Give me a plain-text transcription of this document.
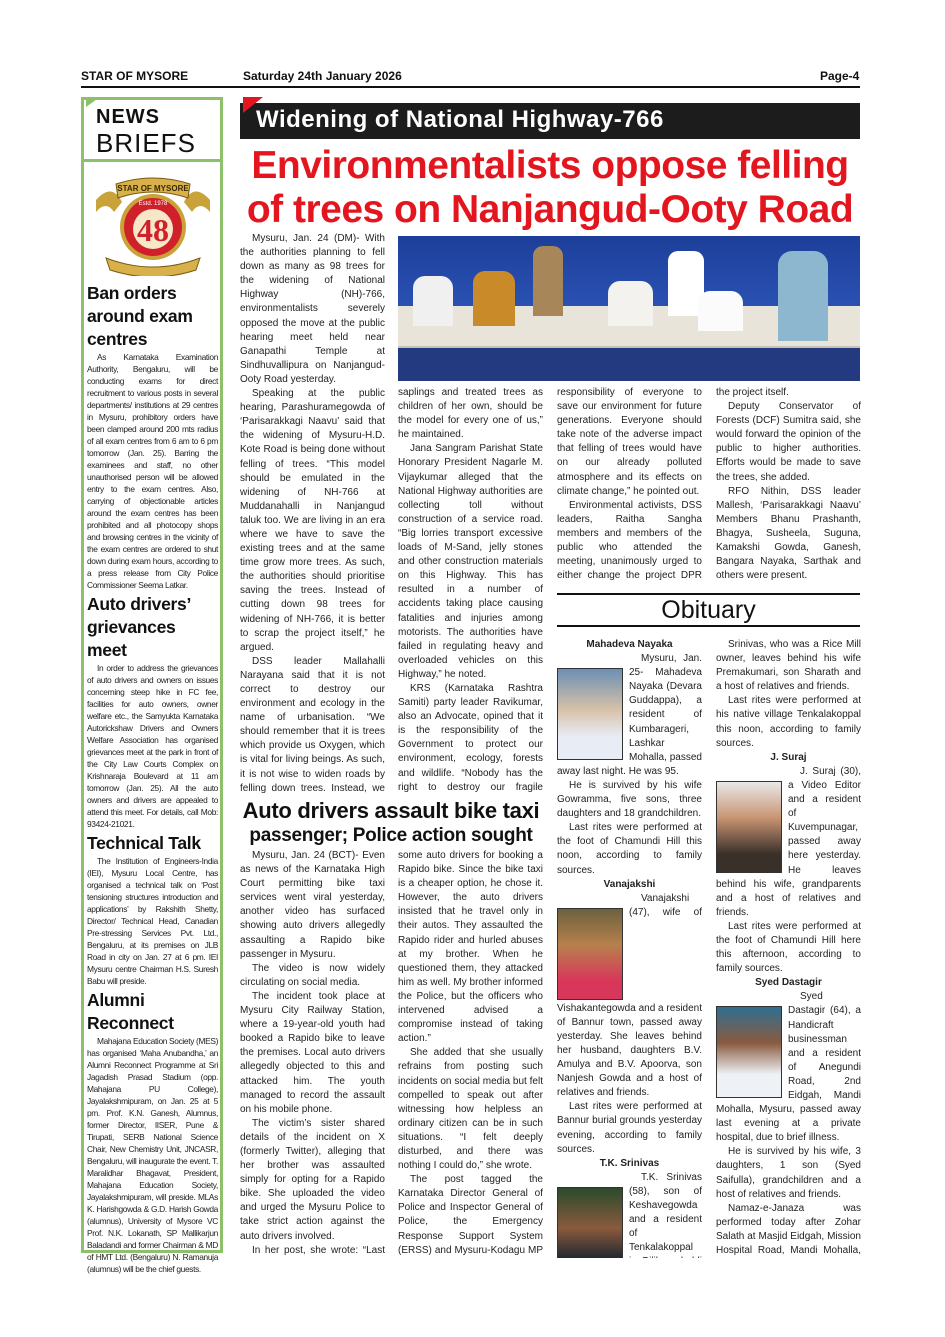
STAR OF MYSORE	Saturday 24th January 2026	Page-4
NEWS
BRIEFS
48
Estd. 1978
STAR OF MYSORE
Ban orders around exam centres

As Karnataka Examination Authority, Bengaluru, will be conducting exams for direct recruitment to various posts in several departments/ institutions at 29 centres in Mysuru, prohibitory orders have been clamped around 200 mts radius of all exam centres from 6 am to 6 pm tomorrow (Jan. 25). Barring the examinees and staff, no other unauthorised person will be allowed entry to the exam centres. Also, carrying of objectionable articles around the exam centres has been prohibited and all photocopy shops and browsing centres in the vicinity of the exam centres are ordered to shut down during exam hours, according to a press release from City Police Commissioner Seema Latkar.

Auto drivers’ grievances meet

In order to address the grievances of auto drivers and owners on issues concerning steep hike in FC fee, facilities for auto owners, owner welfare etc., the Samyukta Karnataka Autorickshaw Drivers and Owners Welfare Association has organised grievances meet at the park in front of the City Law Courts Complex on Krishnaraja Boulevard at 11 am tomorrow (Jan. 25). All the auto owners and drivers are appealed to attend this meet. For details, call Mob: 93424-21021.

Technical Talk

The Institution of Engineers-India (IEI), Mysuru Local Centre, has organised a technical talk on ‘Post tensioning structures introduction and applications’ by Rakshith Shetty, Director/ Technical Head, Canadian Pre-stressing Services Pvt. Ltd., Bengaluru, at its premises on JLB Road in city on Jan. 27 at 6 pm. IEI Mysuru centre Chairman H.S. Suresh Babu will preside.

Alumni Reconnect

Mahajana Education Society (MES) has organised ‘Maha Anubandha,’ an Alumni Reconnect Programme at Sri Jagadish Prasad Stadium (opp. Mahajana PU College), Jayalakshmipuram, on Jan. 25 at 5 pm. Prof. K.N. Ganesh, Alumnus, former Director, IISER, Pune & Tirupati, SERB National Science Chair, New Chemistry Unit, JNCASR, Bengaluru, will inaugurate the event. T. Maralidhar Bhagavat, President, Mahajana Education Society, Jayalakshmipuram, will preside. MLAs K. Harishgowda & G.D. Harish Gowda (alumnus), University of Mysore VC Prof. N.K. Lokanath, SP Mallikarjun Baladandi and former Chairman & MD of HMT Ltd. (Bengaluru) N. Ramanuja (alumnus) will be the chief guests.

Widening of National Highway-766
Environmentalists oppose felling
of trees on Nanjangud-Ooty Road

Mysuru, Jan. 24 (DM)- With the authorities planning to fell down as many as 98 trees for the widening of National Highway (NH)-766, environmentalists severely opposed the move at the public hearing meet held near Ganapathi Temple at Sindhuvallipura on Nanjangud-Ooty Road yesterday.

Speaking at the public hearing, Parashuramegowda of ‘Parisarakkagi Naavu’ said that the widening of Mysuru-H.D. Kote Road is being done without felling of trees. “This model should be emulated in the widening of NH-766 at Muddanahalli in Nanjangud taluk too. We are living in an era where we have to save the existing trees and at the same time grow more trees. As such, the authorities should prioritise saving the trees. Instead of cutting down 98 trees for widening of NH-766, it is better to scrap the project itself,” he argued.

DSS leader Mallahalli Narayana said that it is not correct to destroy our environment and ecology in the name of urbanisation. “We should remember that it is trees which provide us Oxygen, which is vital for living beings. As such, it is not wise to widen roads by felling down trees. Instead, we

saplings and treated trees as children of her own, should be the model for every one of us,” he maintained.

Jana Sangram Parishat State Honorary President Nagarle M. Vijaykumar alleged that the National Highway authorities are collecting toll without construction of a service road. “Big lorries transport excessive loads of M-Sand, jelly stones and other construction materials on this Highway. This has resulted in a number of accidents taking place causing fatalities and injuries among motorists. The authorities have failed in regulating heavy and overloaded vehicles on this Highway,” he noted.

KRS (Karnataka Rashtra Samiti) party leader Ravikumar, also an Advocate, opined that it is the responsibility of the Government to protect our environment, ecology, forests and wildlife. “Nobody has the right to destroy our fragile

responsibility of everyone to save our environment for future generations. Everyone should take note of the adverse impact that felling of trees would have on our already polluted atmosphere and its effects on climate change,” he pointed out.

Environmental activists, DSS leaders, Raitha Sangha members and members of the public who attended the meeting, unanimously urged to either change the project DPR

the project itself.

Deputy Conservator of Forests (DCF) Sumitra said, she would forward the opinion of the public to higher authorities. Efforts would be made to save the trees, she added.

RFO Nithin, DSS leader Mallesh, ‘Parisarakkagi Naavu’ Members Bhanu Prashanth, Bhagya, Susheela, Suguna, Kamakshi Gowda, Ganesh, Bangara Nayaka, Sarthak and others were present.

Auto drivers assault bike taxi
passenger; Police action sought

Mysuru, Jan. 24 (BCT)- Even as news of the Karnataka High Court permitting bike taxi services went viral yesterday, another video has surfaced showing auto drivers allegedly assaulting a Rapido bike passenger in Mysuru.

The video is now widely circulating on social media.

The incident took place at Mysuru City Railway Station, where a 19-year-old youth had booked a Rapido bike to leave the premises. Local auto drivers allegedly objected to this and attacked him. The youth managed to record the assault on his mobile phone.

The victim’s sister shared details of the incident on X (formerly Twitter), alleging that her brother was assaulted simply for opting for a Rapido bike. She uploaded the video and urged the Mysuru Police to take strict action against the auto drivers involved.

In her post, she wrote: “Last

some auto drivers for booking a Rapido bike. Since the bike taxi is a cheaper option, he chose it. However, the auto drivers insisted that he travel only in their autos. They assaulted the Rapido rider and hurled abuses at my brother. When he questioned them, they attacked him as well. My brother informed the Police, but the officers who intervened advised a compromise instead of taking action.”

She added that she usually refrains from posting such incidents on social media but felt compelled to speak out after witnessing how helpless an ordinary citizen can be in such situations. “I felt deeply disturbed, and there was nothing I could do,” she wrote.

The post tagged the Karnataka Director General of Police and Inspector General of Police, the Emergency Response Support System (ERSS) and Mysuru-Kodagu MP

Obituary

Mahadeva Nayaka

Mysuru, Jan. 25- Mahadeva Nayaka (Devara Guddappa), a resident of Kumbarageri, Lashkar Mohalla, passed away last night. He was 95.

He is survived by his wife Gowramma, five sons, three daughters and 18 grandchildren.

Last rites were performed at the foot of Chamundi Hill this noon, according to family sources.

Vanajakshi

Vanajakshi (47), wife of Vishakantegowda and a resident of Bannur town, passed away yesterday. She leaves behind her husband, daughters B.V. Amulya and B.V. Apoorva, son Nanjesh Gowda and a host of relatives and friends.

Last rites were performed at Bannur burial grounds yesterday evening, according to family sources.

T.K. Srinivas

T.K. Srinivas (58), son of Keshavegowda and a resident of Tenkalakoppal

Srinivas, who was a Rice Mill owner, leaves behind his wife Premakumari, son Sharath and a host of relatives and friends.

Last rites were performed at his native village Tenkalakoppal this noon, according to family sources.

J. Suraj

J. Suraj (30), a Video Editor and a resident of Kuvempunagar, passed away here yesterday. He leaves behind his wife, grandparents and a host of relatives and friends.

Last rites were performed at the foot of Chamundi Hill here this afternoon, according to family sources.

Syed Dastagir

Syed Dastagir (64), a Handicraft businessman and a resident of Anegundi Road, 2nd Eidgah, Mandi Mohalla, Mysuru, passed away last evening at a private hospital, due to brief illness.

He is survived by his wife, 3 daughters, 1 son (Syed Saifulla), grandchildren and a host of relatives and friends.

Namaz-e-Janaza was performed today after Zohar Salath at Masjid Eidgah, Mission Hospital Road, Mandi Mohalla,
